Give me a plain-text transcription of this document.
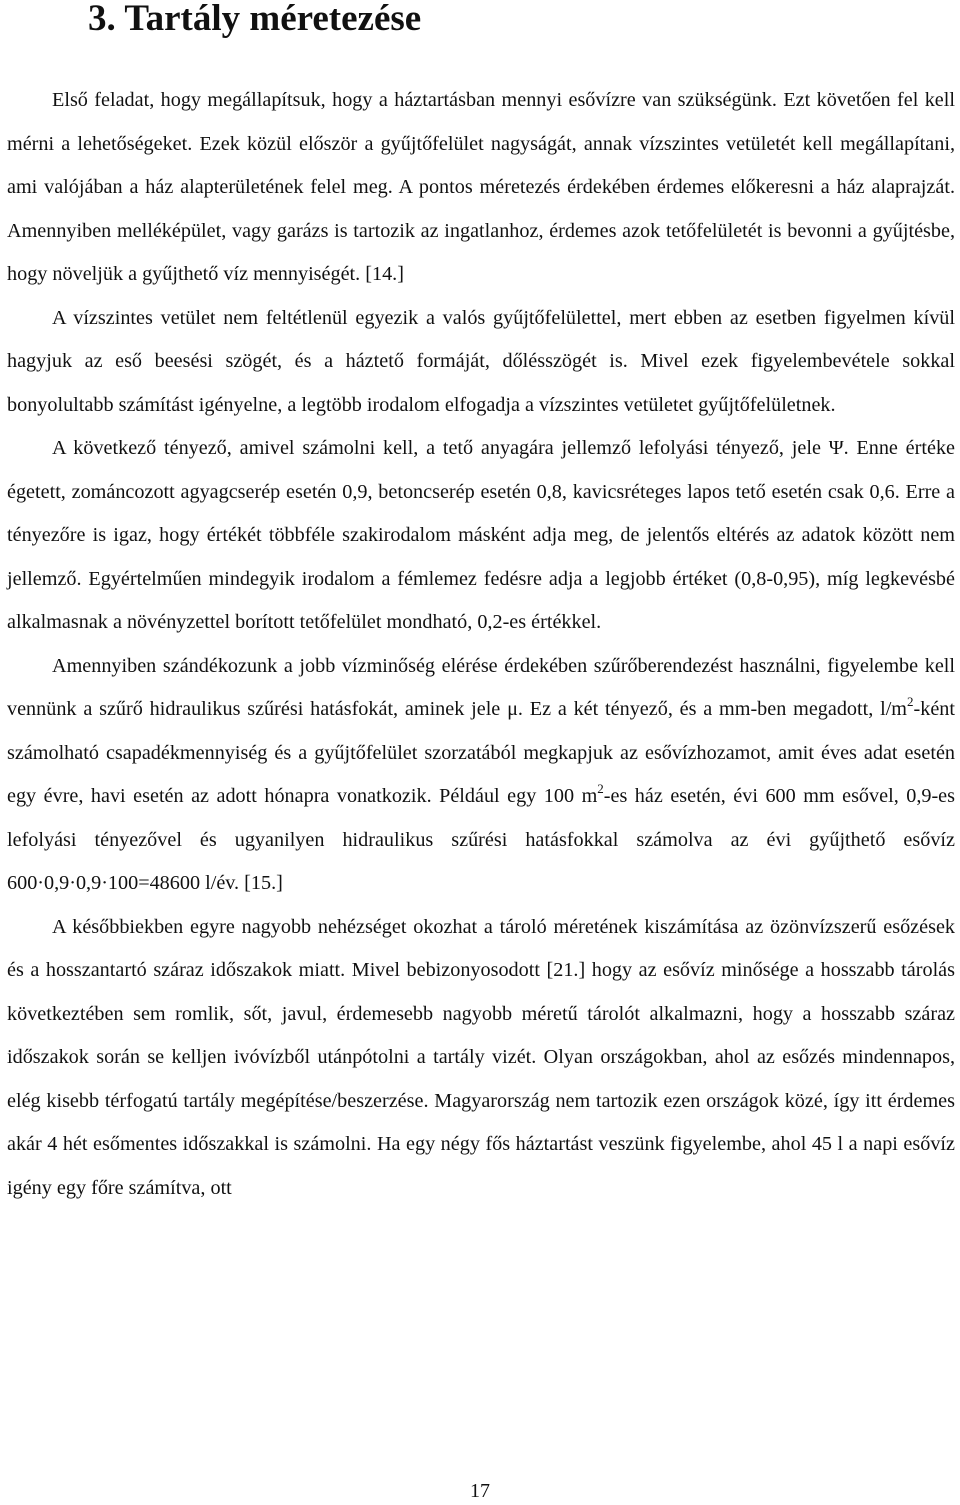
3. Tartály méretezése

Első feladat, hogy megállapítsuk, hogy a háztartásban mennyi esővízre van szükségünk. Ezt követően fel kell mérni a lehetőségeket. Ezek közül először a gyűjtőfelület nagyságát, annak vízszintes vetületét kell megállapítani, ami valójában a ház alapterületének felel meg. A pontos méretezés érdekében érdemes előkeresni a ház alaprajzát. Amennyiben melléképület, vagy garázs is tartozik az ingatlanhoz, érdemes azok tetőfelületét is bevonni a gyűjtésbe, hogy növeljük a gyűjthető víz mennyiségét. [14.]

A vízszintes vetület nem feltétlenül egyezik a valós gyűjtőfelülettel, mert ebben az esetben figyelmen kívül hagyjuk az eső beesési szögét, és a háztető formáját, dőlésszögét is. Mivel ezek figyelembevétele sokkal bonyolultabb számítást igényelne, a legtöbb irodalom elfogadja a vízszintes vetületet gyűjtőfelületnek.

A következő tényező, amivel számolni kell, a tető anyagára jellemző lefolyási tényező, jele Ψ. Enne értéke égetett, zománcozott agyagcserép esetén 0,9, betoncserép esetén 0,8, kavicsréteges lapos tető esetén csak 0,6. Erre a tényezőre is igaz, hogy értékét többféle szakirodalom másként adja meg, de jelentős eltérés az adatok között nem jellemző. Egyértelműen mindegyik irodalom a fémlemez fedésre adja a legjobb értéket (0,8-0,95), míg legkevésbé alkalmasnak a növényzettel borított tetőfelület mondható, 0,2-es értékkel.

Amennyiben szándékozunk a jobb vízminőség elérése érdekében szűrőberendezést használni, figyelembe kell vennünk a szűrő hidraulikus szűrési hatásfokát, aminek jele μ. Ez a két tényező, és a mm-ben megadott, $l/m^2$-ként számolható csapadékmennyiség és a gyűjtőfelület szorzatából megkapjuk az esővízhozamot, amit éves adat esetén egy évre, havi esetén az adott hónapra vonatkozik. Például egy 100 $m^2-es$ ház esetén, évi 600 mm esővel, 0,9-es lefolyási tényezővel és ugyanilyen hidraulikus szűrési hatásfokkal számolva az évi gyűjthető esővíz 600·0,9·0,9·100=48600 l/év. [15.]

A későbbiekben egyre nagyobb nehézséget okozhat a tároló méretének kiszámítása az özönvízszerű esőzések és a hosszantartó száraz időszakok miatt. Mivel bebizonyosodott [21.] hogy az esővíz minősége a hosszabb tárolás következtében sem romlik, sőt, javul, érdemesebb nagyobb méretű tárolót alkalmazni, hogy a hosszabb száraz időszakok során se kelljen ivóvízből utánpótolni a tartály vizét. Olyan országokban, ahol az esőzés mindennapos, elég kisebb térfogatú tartály megépítése/beszerzése. Magyarország nem tartozik ezen országok közé, így itt érdemes akár 4 hét esőmentes időszakkal is számolni. Ha egy négy fős háztartást veszünk figyelembe, ahol 45 l a napi esővíz igény egy főre számítva, ott

17
